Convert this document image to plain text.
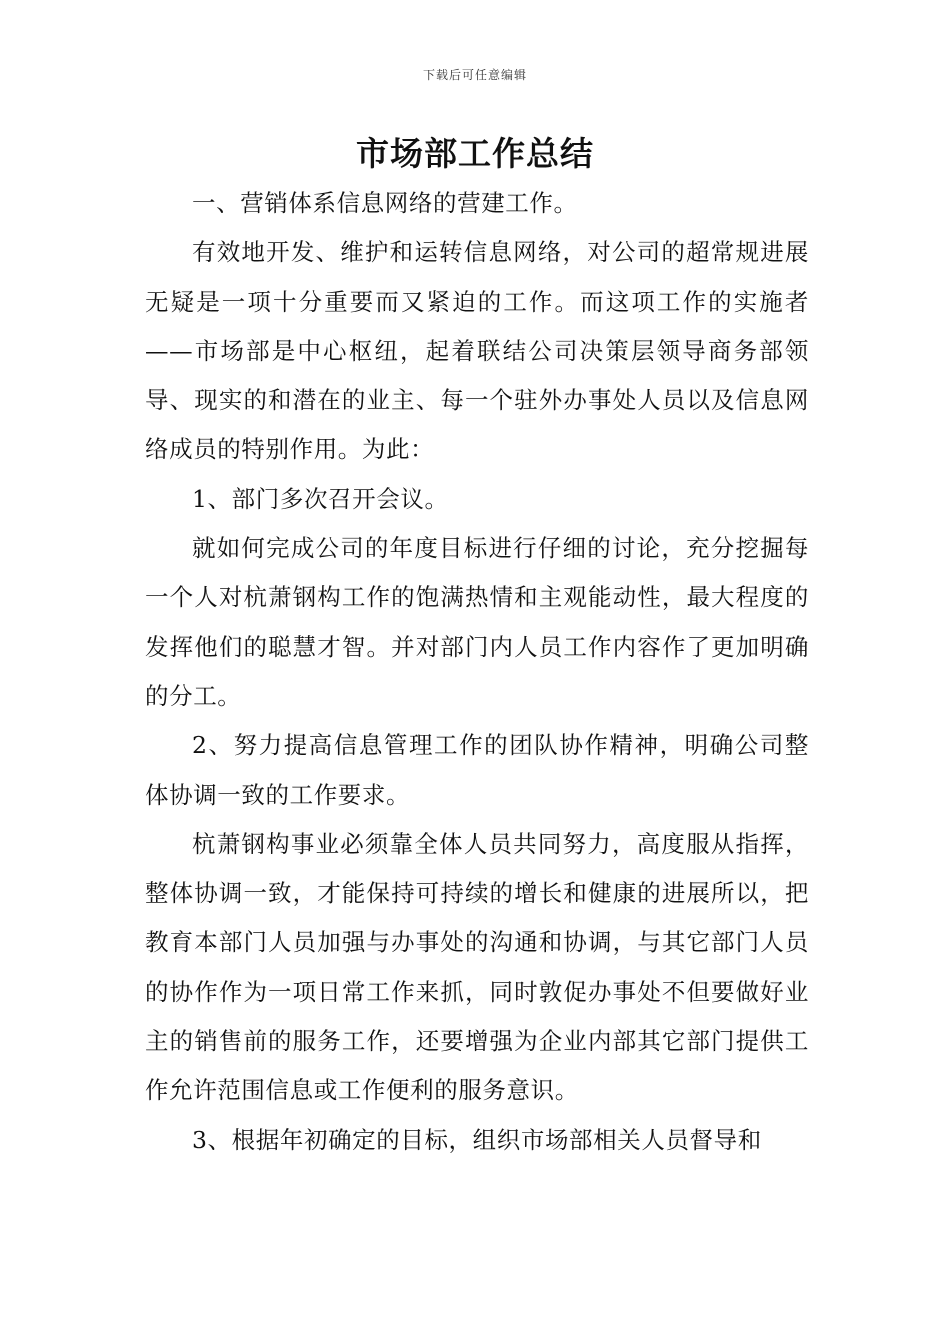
下载后可任意编辑
市场部工作总结

一、营销体系信息网络的营建工作。

有效地开发、维护和运转信息网络，对公司的超常规进展无疑是一项十分重要而又紧迫的工作。而这项工作的实施者——市场部是中心枢纽，起着联结公司决策层领导商务部领导、现实的和潜在的业主、每一个驻外办事处人员以及信息网络成员的特别作用。为此：

1、部门多次召开会议。

就如何完成公司的年度目标进行仔细的讨论，充分挖掘每一个人对杭萧钢构工作的饱满热情和主观能动性，最大程度的发挥他们的聪慧才智。并对部门内人员工作内容作了更加明确的分工。

2、努力提高信息管理工作的团队协作精神，明确公司整体协调一致的工作要求。

杭萧钢构事业必须靠全体人员共同努力，高度服从指挥，整体协调一致，才能保持可持续的增长和健康的进展所以，把教育本部门人员加强与办事处的沟通和协调，与其它部门人员的协作作为一项日常工作来抓，同时敦促办事处不但要做好业主的销售前的服务工作，还要增强为企业内部其它部门提供工作允许范围信息或工作便利的服务意识。

3、根据年初确定的目标，组织市场部相关人员督导和
